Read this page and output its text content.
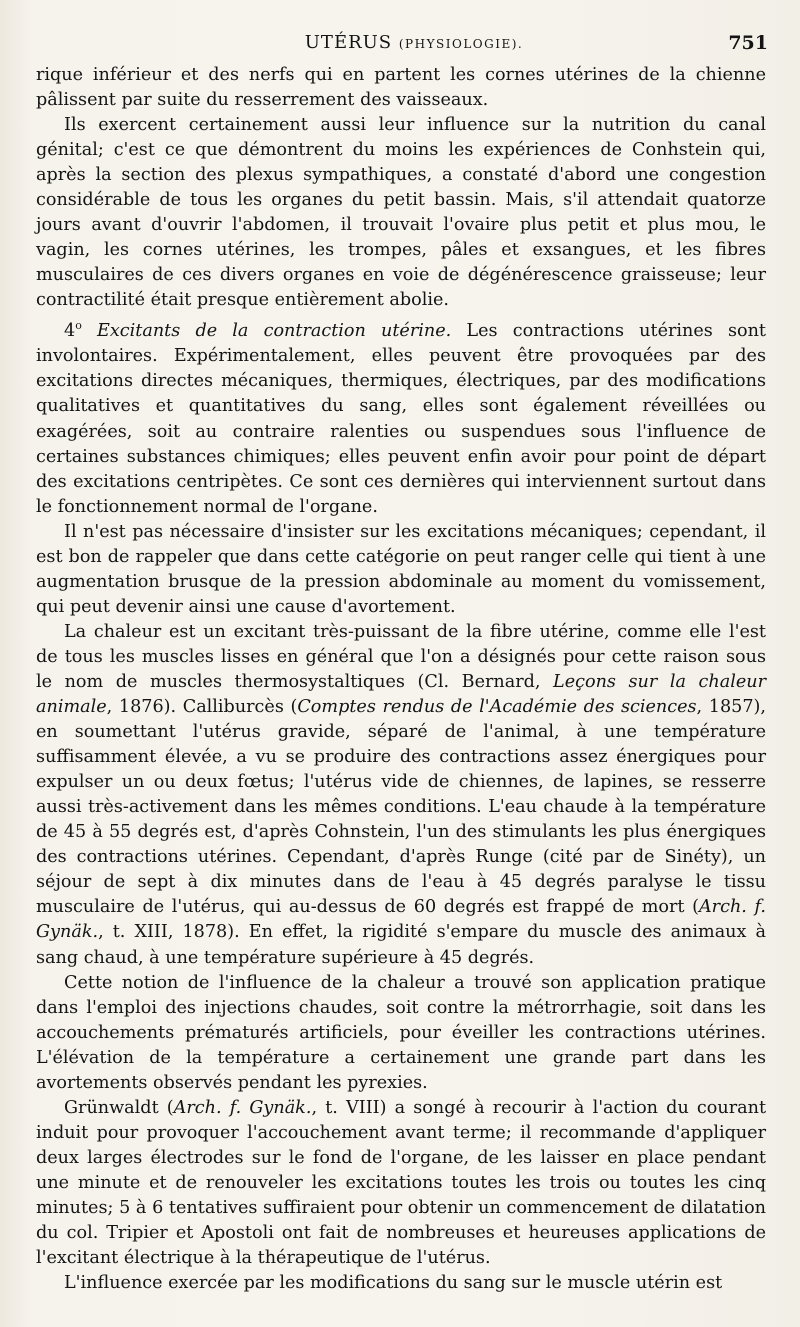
UTÉRUS (PHYSIOLOGIE).	751

rique inférieur et des nerfs qui en partent les cornes utérines de la chienne pâlissent par suite du resserrement des vaisseaux.

Ils exercent certainement aussi leur influence sur la nutrition du canal génital; c'est ce que démontrent du moins les expériences de Conhstein qui, après la section des plexus sympathiques, a constaté d'abord une congestion considérable de tous les organes du petit bassin. Mais, s'il attendait quatorze jours avant d'ouvrir l'abdomen, il trouvait l'ovaire plus petit et plus mou, le vagin, les cornes utérines, les trompes, pâles et exsangues, et les fibres musculaires de ces divers organes en voie de dégénérescence graisseuse; leur contractilité était presque entièrement abolie.

4$^o$ Excitants de la contraction utérine. Les contractions utérines sont involontaires. Expérimentalement, elles peuvent être provoquées par des excitations directes mécaniques, thermiques, électriques, par des modifications qualitatives et quantitatives du sang, elles sont également réveillées ou exagérées, soit au contraire ralenties ou suspendues sous l'influence de certaines substances chimiques; elles peuvent enfin avoir pour point de départ des excitations centripètes. Ce sont ces dernières qui interviennent surtout dans le fonctionnement normal de l'organe.

Il n'est pas nécessaire d'insister sur les excitations mécaniques; cependant, il est bon de rappeler que dans cette catégorie on peut ranger celle qui tient à une augmentation brusque de la pression abdominale au moment du vomissement, qui peut devenir ainsi une cause d'avortement.

La chaleur est un excitant très-puissant de la fibre utérine, comme elle l'est de tous les muscles lisses en général que l'on a désignés pour cette raison sous le nom de muscles thermosystaltiques (Cl. Bernard, Leçons sur la chaleur animale, 1876). Calliburcès (Comptes rendus de l'Académie des sciences, 1857), en soumettant l'utérus gravide, séparé de l'animal, à une température suffisamment élevée, a vu se produire des contractions assez énergiques pour expulser un ou deux fœtus; l'utérus vide de chiennes, de lapines, se resserre aussi très-activement dans les mêmes conditions. L'eau chaude à la température de 45 à 55 degrés est, d'après Cohnstein, l'un des stimulants les plus énergiques des contractions utérines. Cependant, d'après Runge (cité par de Sinéty), un séjour de sept à dix minutes dans de l'eau à 45 degrés paralyse le tissu musculaire de l'utérus, qui au-dessus de 60 degrés est frappé de mort (Arch. f. Gynäk., t. XIII, 1878). En effet, la rigidité s'empare du muscle des animaux à sang chaud, à une température supérieure à 45 degrés.

Cette notion de l'influence de la chaleur a trouvé son application pratique dans l'emploi des injections chaudes, soit contre la métrorrhagie, soit dans les accouchements prématurés artificiels, pour éveiller les contractions utérines. L'élévation de la température a certainement une grande part dans les avortements observés pendant les pyrexies.

Grünwaldt (Arch. f. Gynäk., t. VIII) a songé à recourir à l'action du courant induit pour provoquer l'accouchement avant terme; il recommande d'appliquer deux larges électrodes sur le fond de l'organe, de les laisser en place pendant une minute et de renouveler les excitations toutes les trois ou toutes les cinq minutes; 5 à 6 tentatives suffiraient pour obtenir un commencement de dilatation du col. Tripier et Apostoli ont fait de nombreuses et heureuses applications de l'excitant électrique à la thérapeutique de l'utérus.

L'influence exercée par les modifications du sang sur le muscle utérin est
